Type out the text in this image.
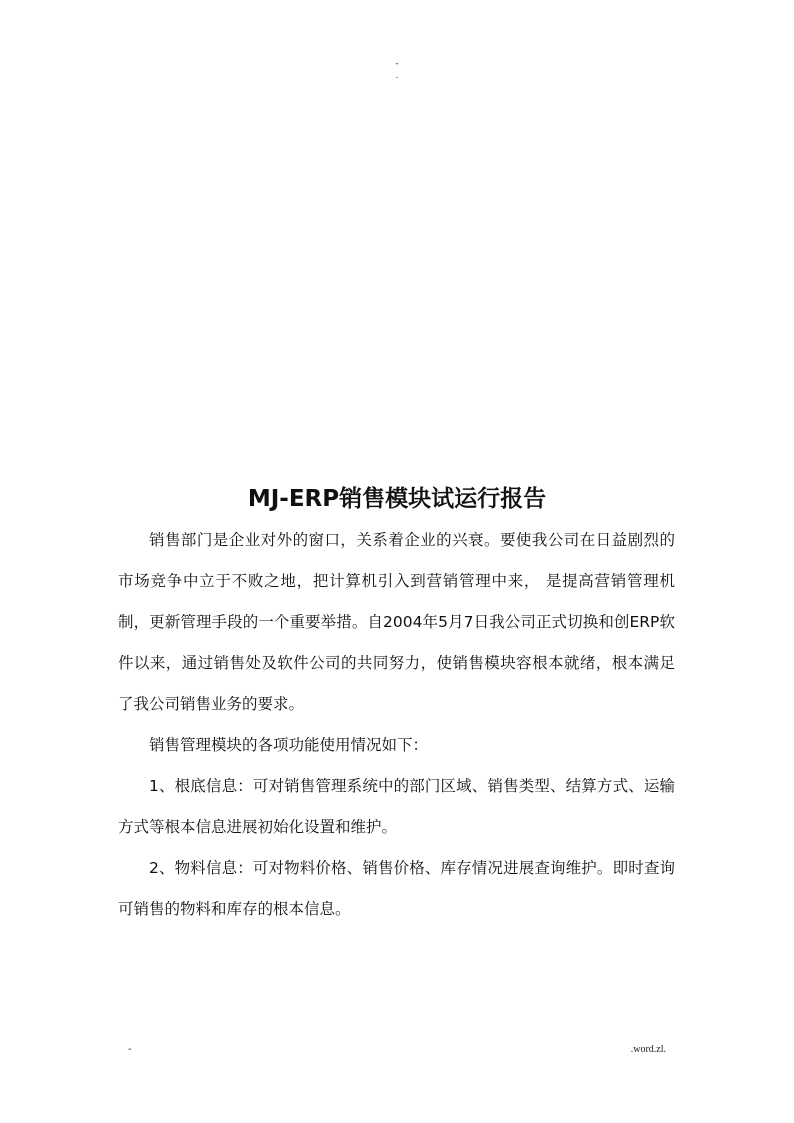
-
.
MJ-ERP销售模块试运行报告

销售部门是企业对外的窗口，关系着企业的兴衰。要使我公司在日益剧烈的市场竞争中立于不败之地，把计算机引入到营销管理中来， 是提高营销管理机制，更新管理手段的一个重要举措。自2004年5月7日我公司正式切换和创ERP软件以来，通过销售处及软件公司的共同努力，使销售模块容根本就绪，根本满足了我公司销售业务的要求。

销售管理模块的各项功能使用情况如下：

1、根底信息：可对销售管理系统中的部门区域、销售类型、结算方式、运输方式等根本信息进展初始化设置和维护。

2、物料信息：可对物料价格、销售价格、库存情况进展查询维护。即时查询可销售的物料和库存的根本信息。

-	.word.zl.
